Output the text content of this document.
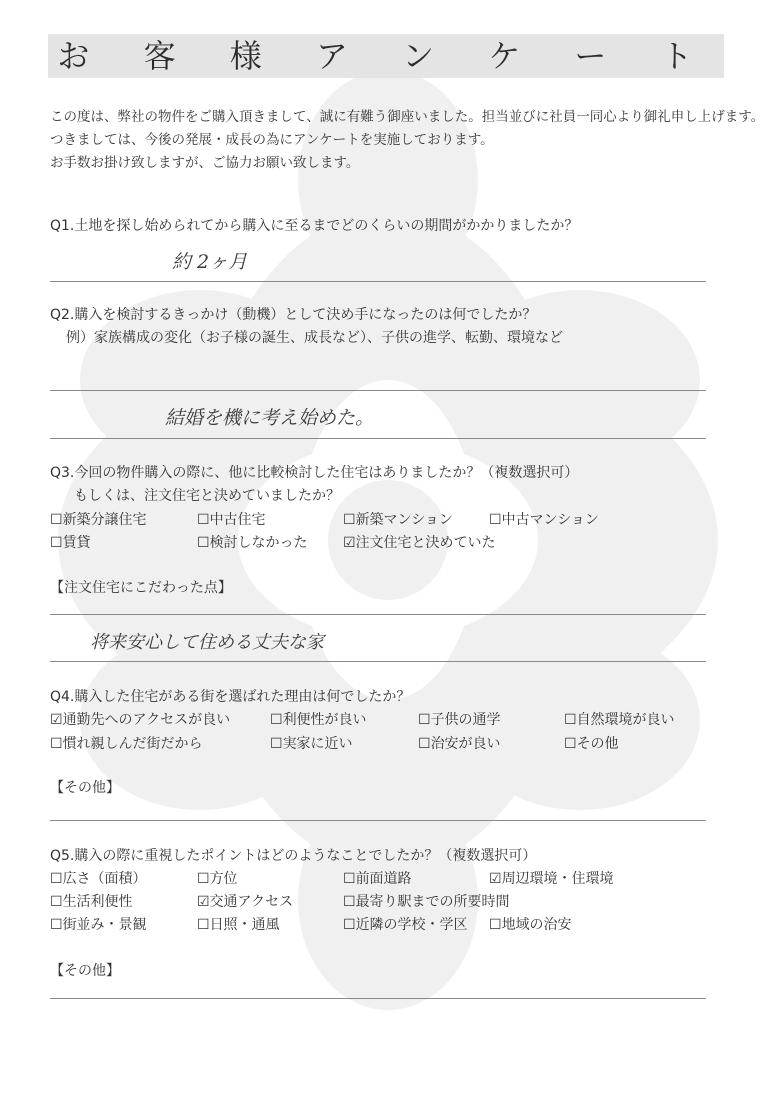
お 客 様 ア ン ケ ー ト
この度は、弊社の物件をご購入頂きまして、誠に有難う御座いました。担当並びに社員一同心より御礼申し上げます。
つきましては、今後の発展・成長の為にアンケートを実施しております。
お手数お掛け致しますが、ご協力お願い致します。
Q1.土地を探し始められてから購入に至るまでどのくらいの期間がかかりましたか？
約 2ヶ月
Q2.購入を検討するきっかけ（動機）として決め手になったのは何でしたか？
例）家族構成の変化（お子様の誕生、成長など）、子供の進学、転勤、環境など
結婚を機に考え始めた。
Q3.今回の物件購入の際に、他に比較検討した住宅はありましたか？（複数選択可）
もしくは、注文住宅と決めていましたか？
☐新築分譲住宅	☐中古住宅	☐新築マンション	☐中古マンション
☐賃貸	☐検討しなかった	☑注文住宅と決めていた
【注文住宅にこだわった点】
将来安心して住める丈夫な家
Q4.購入した住宅がある街を選ばれた理由は何でしたか？
☑通勤先へのアクセスが良い	☐利便性が良い	☐子供の通学	☐自然環境が良い
☐慣れ親しんだ街だから	☐実家に近い	☐治安が良い	☐その他
【その他】
Q5.購入の際に重視したポイントはどのようなことでしたか？（複数選択可）
☐広さ（面積）	☐方位	☐前面道路	☑周辺環境・住環境
☐生活利便性	☑交通アクセス	☐最寄り駅までの所要時間
☐街並み・景観	☐日照・通風	☐近隣の学校・学区 ☐地域の治安
【その他】
